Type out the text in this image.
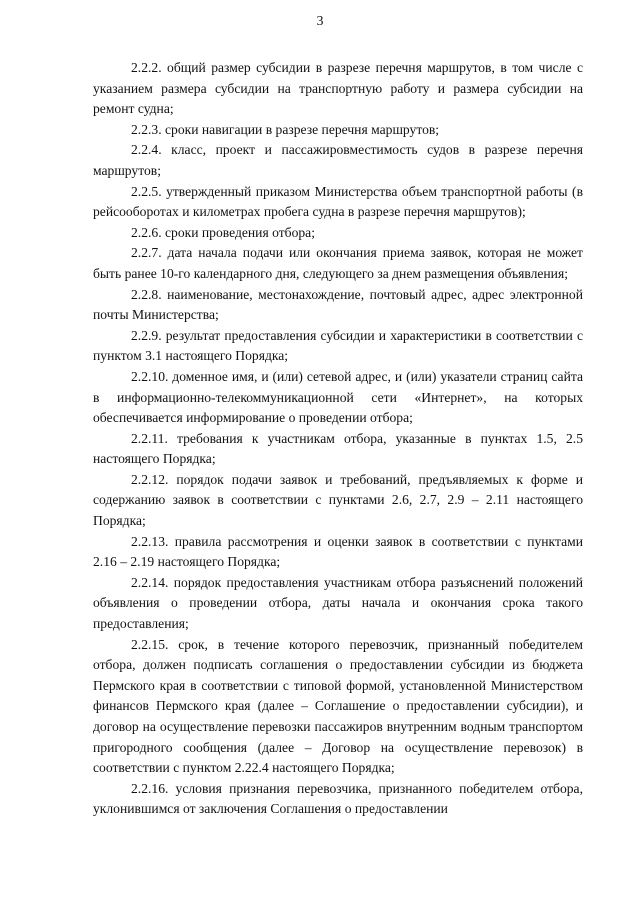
3

2.2.2. общий размер субсидии в разрезе перечня маршрутов, в том числе с указанием размера субсидии на транспортную работу и размера субсидии на ремонт судна;

2.2.3. сроки навигации в разрезе перечня маршрутов;

2.2.4. класс, проект и пассажировместимость судов в разрезе перечня маршрутов;

2.2.5. утвержденный приказом Министерства объем транспортной работы (в рейсооборотах и километрах пробега судна в разрезе перечня маршрутов);

2.2.6. сроки проведения отбора;

2.2.7. дата начала подачи или окончания приема заявок, которая не может быть ранее 10-го календарного дня, следующего за днем размещения объявления;

2.2.8. наименование, местонахождение, почтовый адрес, адрес электронной почты Министерства;

2.2.9. результат предоставления субсидии и характеристики в соответствии с пунктом 3.1 настоящего Порядка;

2.2.10. доменное имя, и (или) сетевой адрес, и (или) указатели страниц сайта в информационно-телекоммуникационной сети «Интернет», на которых обеспечивается информирование о проведении отбора;

2.2.11. требования к участникам отбора, указанные в пунктах 1.5, 2.5 настоящего Порядка;

2.2.12. порядок подачи заявок и требований, предъявляемых к форме и содержанию заявок в соответствии с пунктами 2.6, 2.7, 2.9 – 2.11 настоящего Порядка;

2.2.13. правила рассмотрения и оценки заявок в соответствии с пунктами 2.16 – 2.19 настоящего Порядка;

2.2.14. порядок предоставления участникам отбора разъяснений положений объявления о проведении отбора, даты начала и окончания срока такого предоставления;

2.2.15. срок, в течение которого перевозчик, признанный победителем отбора, должен подписать соглашения о предоставлении субсидии из бюджета Пермского края в соответствии с типовой формой, установленной Министерством финансов Пермского края (далее – Соглашение о предоставлении субсидии), и договор на осуществление перевозки пассажиров внутренним водным транспортом пригородного сообщения (далее – Договор на осуществление перевозок) в соответствии с пунктом 2.22.4 настоящего Порядка;

2.2.16. условия признания перевозчика, признанного победителем отбора, уклонившимся от заключения Соглашения о предоставлении
